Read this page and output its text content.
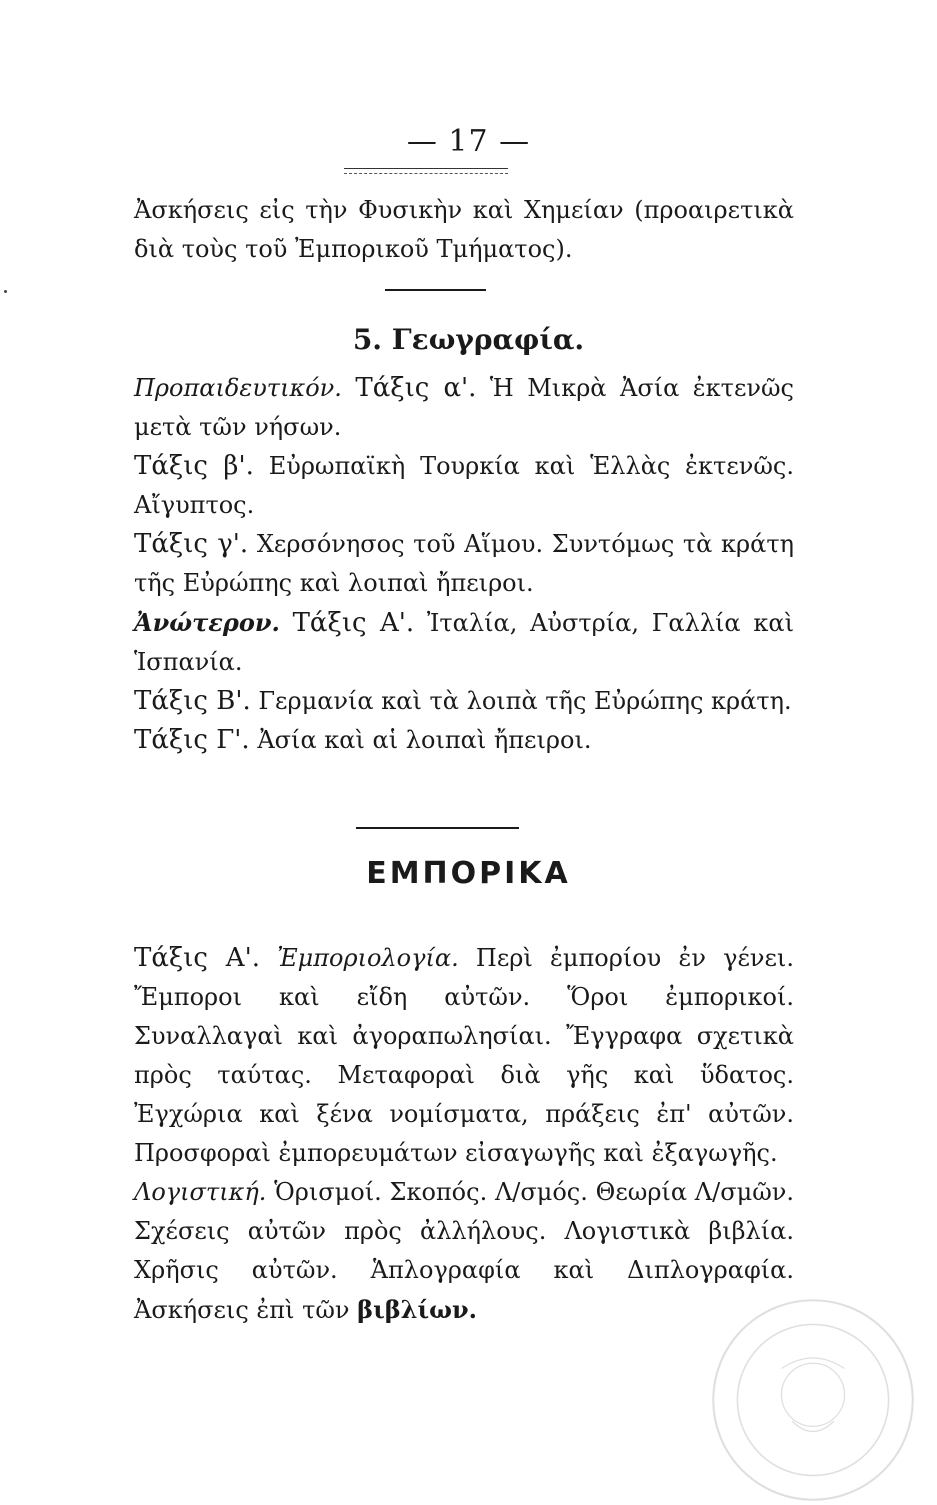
— 17 —

Ἀσκήσεις εἰς τὴν Φυσικὴν καὶ Χημείαν (προαιρετικὰ διὰ τοὺς τοῦ Ἐμπορικοῦ Τμήματος).

5. Γεωγραφία.

Προπαιδευτικόν. Τάξις α'. Ἡ Μικρὰ Ἀσία ἐκτενῶς μετὰ τῶν νήσων.

Τάξις β'. Εὐρωπαϊκὴ Τουρκία καὶ Ἑλλὰς ἐκτενῶς. Αἴγυπτος.

Τάξις γ'. Χερσόνησος τοῦ Αἵμου. Συντόμως τὰ κράτη τῆς Εὐρώπης καὶ λοιπαὶ ἤπειροι.

Ἀνώτερον. Τάξις Α'. Ἰταλία, Αὐστρία, Γαλλία καὶ Ἱσπανία.

Τάξις Β'. Γερμανία καὶ τὰ λοιπὰ τῆς Εὐρώπης κράτη.

Τάξις Γ'. Ἀσία καὶ αἱ λοιπαὶ ἤπειροι.

ΕΜΠΟΡΙΚΑ

Τάξις Α'. Ἐμποριολογία. Περὶ ἐμπορίου ἐν γένει. Ἔμποροι καὶ εἴδη αὐτῶν. Ὅροι ἐμπορικοί. Συναλλαγαὶ καὶ ἀγοραπωλησίαι. Ἔγγραφα σχετικὰ πρὸς ταύτας. Μεταφοραὶ διὰ γῆς καὶ ὕδατος. Ἐγχώρια καὶ ξένα νομίσματα, πράξεις ἐπ' αὐτῶν. Προσφοραὶ ἐμπορευμάτων εἰσαγωγῆς καὶ ἐξαγωγῆς.

Λογιστική. Ὁρισμοί. Σκοπός. Λ/σμός. Θεωρία Λ/σμῶν. Σχέσεις αὐτῶν πρὸς ἀλλήλους. Λογιστικὰ βιβλία. Χρῆσις αὐτῶν. Ἁπλογραφία καὶ Διπλογραφία. Ἀσκήσεις ἐπὶ τῶν βιβλίων.
